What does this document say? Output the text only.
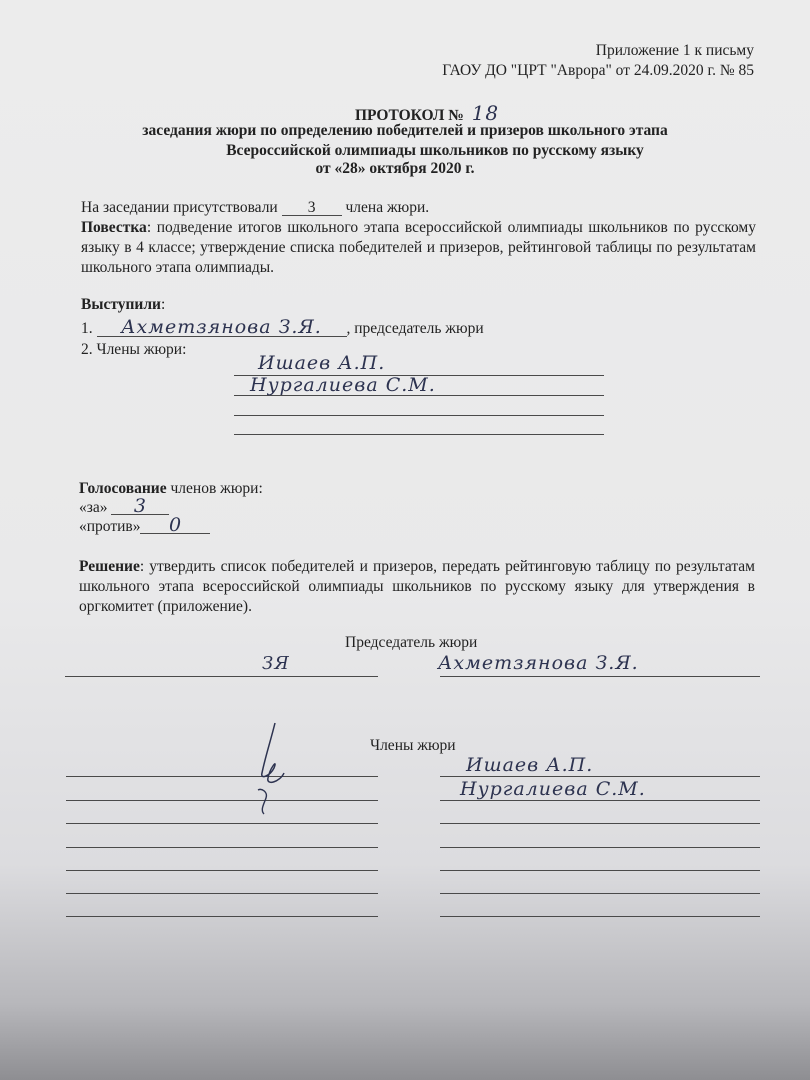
Приложение 1 к письму
ГАОУ ДО "ЦРТ "Аврора" от 24.09.2020 г. № 85
ПРОТОКОЛ № 18
заседания жюри по определению победителей и призеров школьного этапа
Всероссийской олимпиады школьников по русскому языку
от «28» октября 2020 г.
На заседании присутствовали 3 члена жюри.
Повестка: подведение итогов школьного этапа всероссийской олимпиады школьников по русскому языку в 4 классе; утверждение списка победителей и призеров, рейтинговой таблицы по результатам школьного этапа олимпиады.
Выступили:
1. Ахметзянова З.Я. , председатель жюри
2. Члены жюри:
Ишаев А.П.
Нургалиева С.М.
Голосование членов жюри:
«за» 3
«против» 0
Решение: утвердить список победителей и призеров, передать рейтинговую таблицу по результатам школьного этапа всероссийской олимпиады школьников по русскому языку для утверждения в оргкомитет (приложение).
Председатель жюри
ЗЯ	Ахметзянова З.Я.
Члены жюри
Ишаев А.П.
Нургалиева С.М.
